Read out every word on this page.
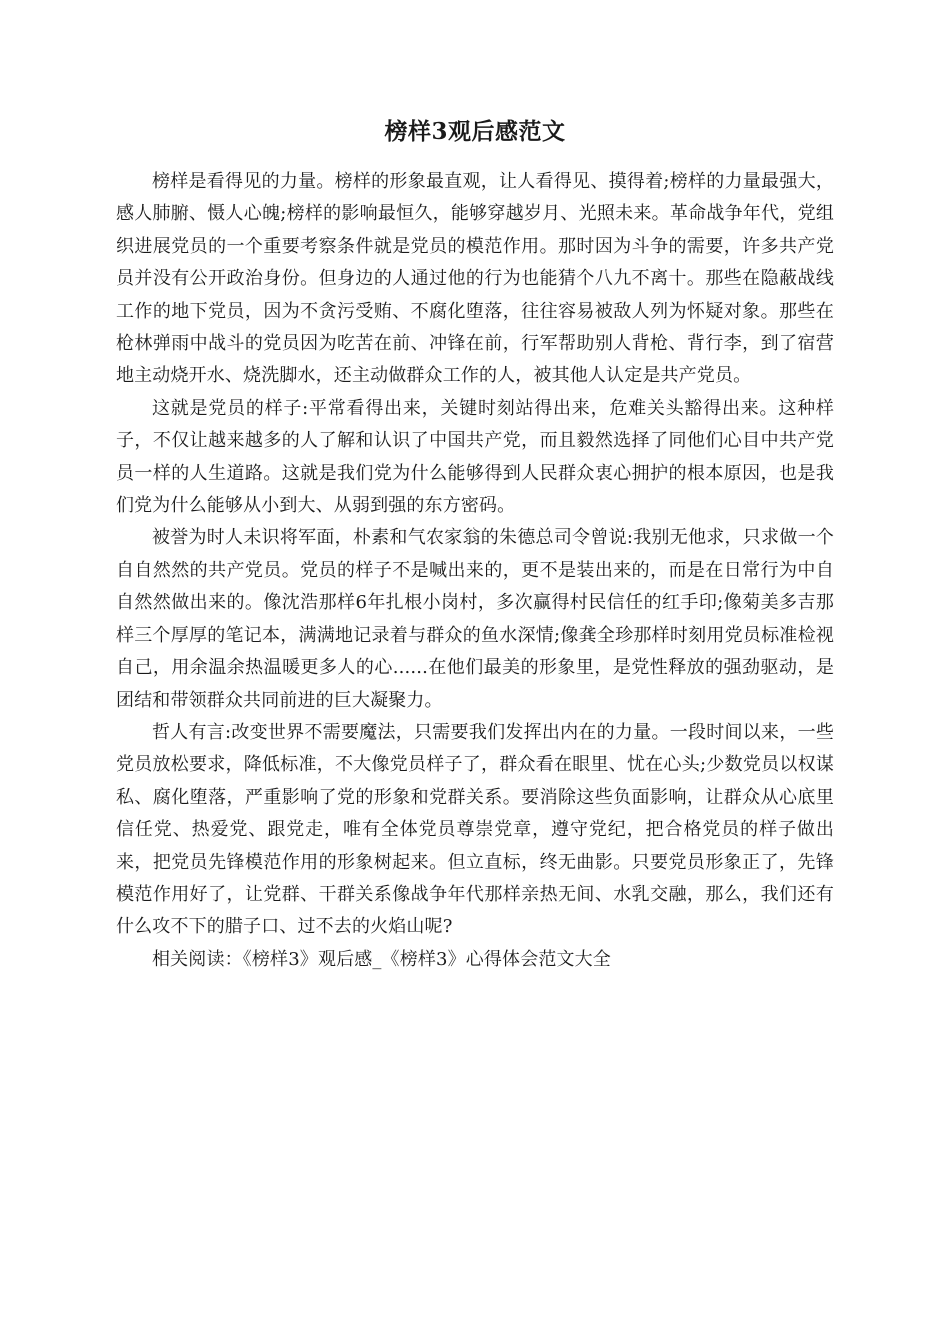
榜样3观后感范文

榜样是看得见的力量。榜样的形象最直观，让人看得见、摸得着;榜样的力量最强大，感人肺腑、慑人心魄;榜样的影响最恒久，能够穿越岁月、光照未来。革命战争年代，党组织进展党员的一个重要考察条件就是党员的模范作用。那时因为斗争的需要，许多共产党员并没有公开政治身份。但身边的人通过他的行为也能猜个八九不离十。那些在隐蔽战线工作的地下党员，因为不贪污受贿、不腐化堕落，往往容易被敌人列为怀疑对象。那些在枪林弹雨中战斗的党员因为吃苦在前、冲锋在前，行军帮助别人背枪、背行李，到了宿营地主动烧开水、烧洗脚水，还主动做群众工作的人，被其他人认定是共产党员。

这就是党员的样子:平常看得出来，关键时刻站得出来，危难关头豁得出来。这种样子，不仅让越来越多的人了解和认识了中国共产党，而且毅然选择了同他们心目中共产党员一样的人生道路。这就是我们党为什么能够得到人民群众衷心拥护的根本原因，也是我们党为什么能够从小到大、从弱到强的东方密码。

被誉为时人未识将军面，朴素和气农家翁的朱德总司令曾说:我别无他求，只求做一个自自然然的共产党员。党员的样子不是喊出来的，更不是装出来的，而是在日常行为中自自然然做出来的。像沈浩那样6年扎根小岗村，多次赢得村民信任的红手印;像菊美多吉那样三个厚厚的笔记本，满满地记录着与群众的鱼水深情;像龚全珍那样时刻用党员标准检视自己，用余温余热温暖更多人的心......在他们最美的形象里，是党性释放的强劲驱动，是团结和带领群众共同前进的巨大凝聚力。

哲人有言:改变世界不需要魔法，只需要我们发挥出内在的力量。一段时间以来，一些党员放松要求，降低标准，不大像党员样子了，群众看在眼里、忧在心头;少数党员以权谋私、腐化堕落，严重影响了党的形象和党群关系。要消除这些负面影响，让群众从心底里信任党、热爱党、跟党走，唯有全体党员尊崇党章，遵守党纪，把合格党员的样子做出来，把党员先锋模范作用的形象树起来。但立直标，终无曲影。只要党员形象正了，先锋模范作用好了，让党群、干群关系像战争年代那样亲热无间、水乳交融，那么，我们还有什么攻不下的腊子口、过不去的火焰山呢?

相关阅读：《榜样3》观后感_《榜样3》心得体会范文大全
